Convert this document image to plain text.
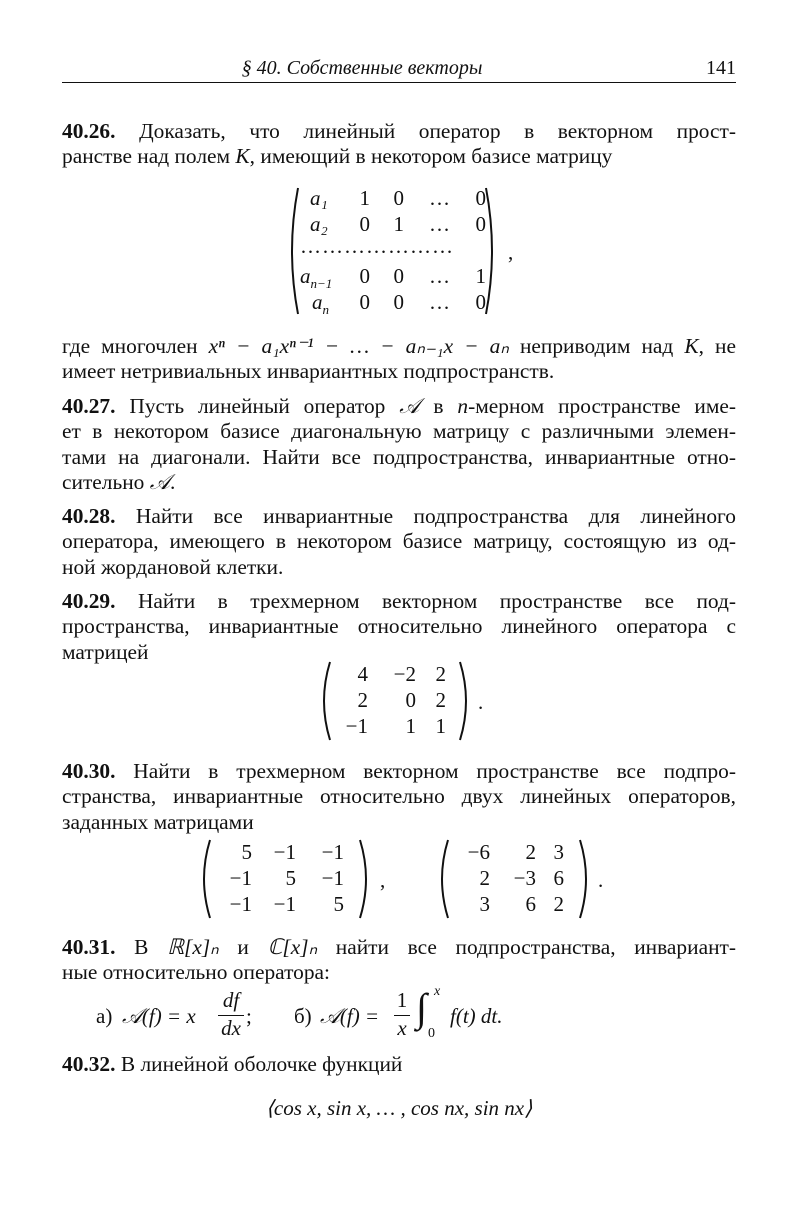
§ 40. Собственные векторы	141
40.26. Доказать, что линейный оператор в векторном прост-
ранстве над полем K, имеющий в некотором базисе матрицу
a₁	1	0	…	0
a₂	0	1	…	0
…………………
$a_{n-1}$	0	0	…	1
$a_n$	0	0	…	0
,
где многочлен xⁿ − a₁xⁿ⁻¹ − … − aₙ₋₁x − aₙ неприводим над K, не
имеет нетривиальных инвариантных подпространств.
40.27. Пусть линейный оператор 𝒜 в n-мерном пространстве име-
ет в некотором базисе диагональную матрицу с различными элемен-
тами на диагонали. Найти все подпространства, инвариантные отно-
сительно 𝒜.
40.28. Найти все инвариантные подпространства для линейного
оператора, имеющего в некотором базисе матрицу, состоящую из од-
ной жордановой клетки.
40.29. Найти в трехмерном векторном пространстве все под-
пространства, инвариантные относительно линейного оператора с
матрицей
4	−2 2
2	0 2
−1	1 1
.
40.30. Найти в трехмерном векторном пространстве все подпро-
странства, инвариантные относительно двух линейных операторов,
заданных матрицами
5	−1	−1
−1	5	−1
−1	−1	5
,
−6	2 3
2	−3 6
3	6 2
.
40.31. В ℝ[x]ₙ и ℂ[x]ₙ найти все подпространства, инвариант-
ные относительно оператора:
а) 𝒜(f) = x
df
dx ; б) 𝒜(f) =
1
x ∫ x
0
f(t) dt.
40.32. В линейной оболочке функций
⟨cos x, sin x, … , cos nx, sin nx⟩
